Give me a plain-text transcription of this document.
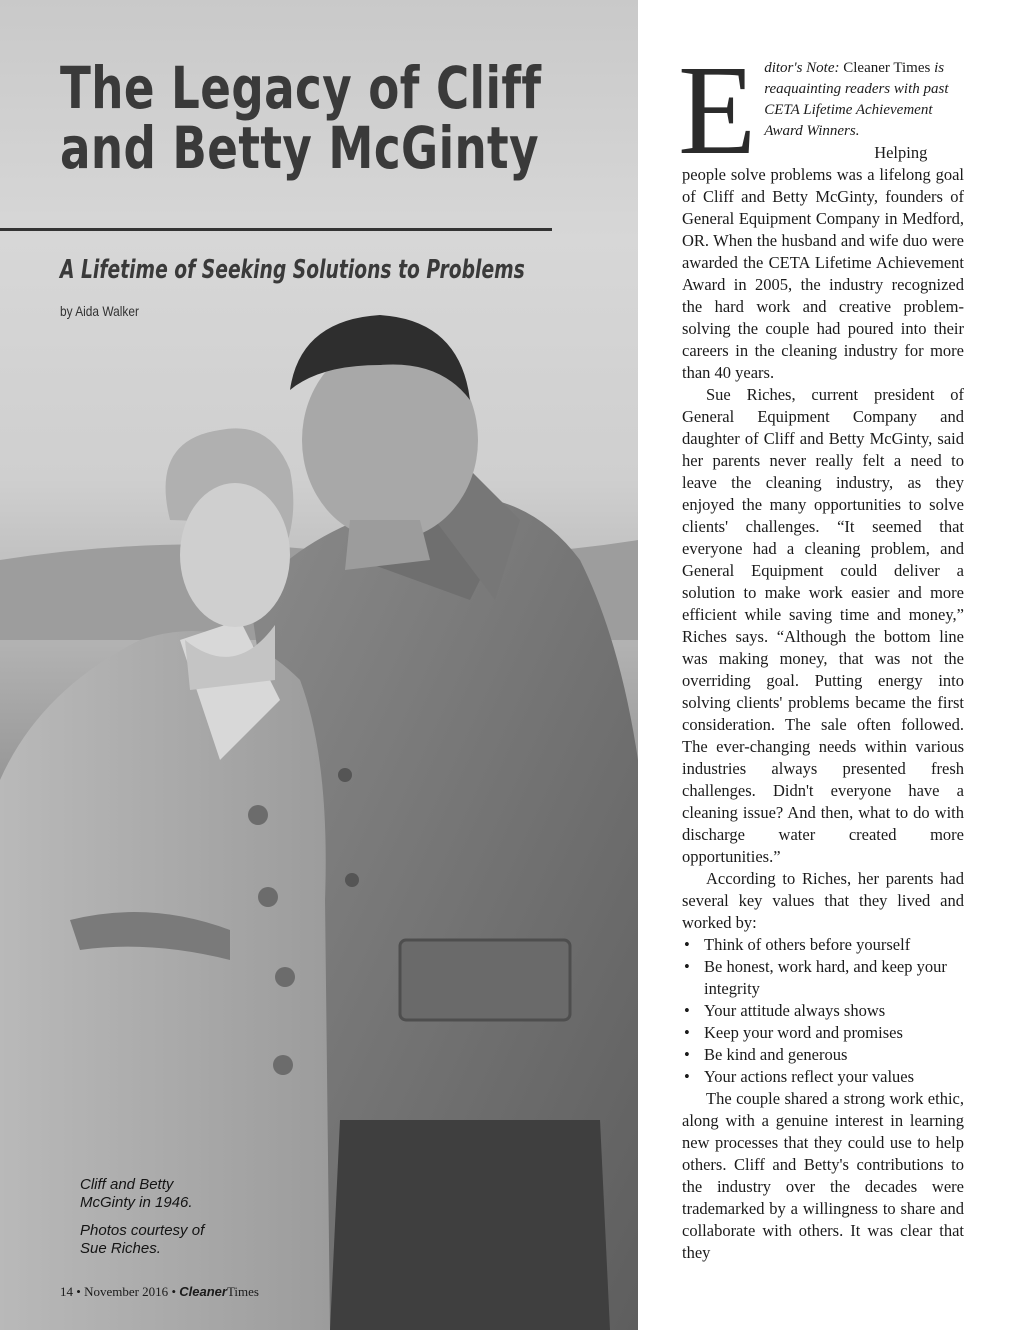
The Legacy of Cliff and Betty McGinty
A Lifetime of Seeking Solutions to Problems

by Aida Walker

Cliff and Betty McGinty in 1946.

Photos courtesy of Sue Riches.

14 • November 2016 • CleanerTimes
E ditor's Note: Cleaner Times is reaquainting readers with past CETA Lifetime Achievement Award Winners.

Helping people solve problems was a lifelong goal of Cliff and Betty McGinty, founders of General Equipment Company in Medford, OR. When the husband and wife duo were awarded the CETA Lifetime Achievement Award in 2005, the industry recognized the hard work and creative problem-solving the couple had poured into their careers in the cleaning industry for more than 40 years.

Sue Riches, current president of General Equipment Company and daughter of Cliff and Betty McGinty, said her parents never really felt a need to leave the cleaning industry, as they enjoyed the many opportunities to solve clients' challenges. “It seemed that everyone had a cleaning problem, and General Equipment could deliver a solution to make work easier and more efficient while saving time and money,” Riches says. “Although the bottom line was making money, that was not the overriding goal. Putting energy into solving clients' problems became the first consideration. The sale often followed. The ever-changing needs within various industries always presented fresh challenges. Didn't everyone have a cleaning issue? And then, what to do with discharge water created more opportunities.”

According to Riches, her parents had several key values that they lived and worked by:

• Think of others before yourself
• Be honest, work hard, and keep your integrity
• Your attitude always shows
• Keep your word and promises
• Be kind and generous
• Your actions reflect your values

The couple shared a strong work ethic, along with a genuine interest in learning new processes that they could use to help others. Cliff and Betty's contributions to the industry over the decades were trademarked by a willingness to share and collaborate with others. It was clear that they
